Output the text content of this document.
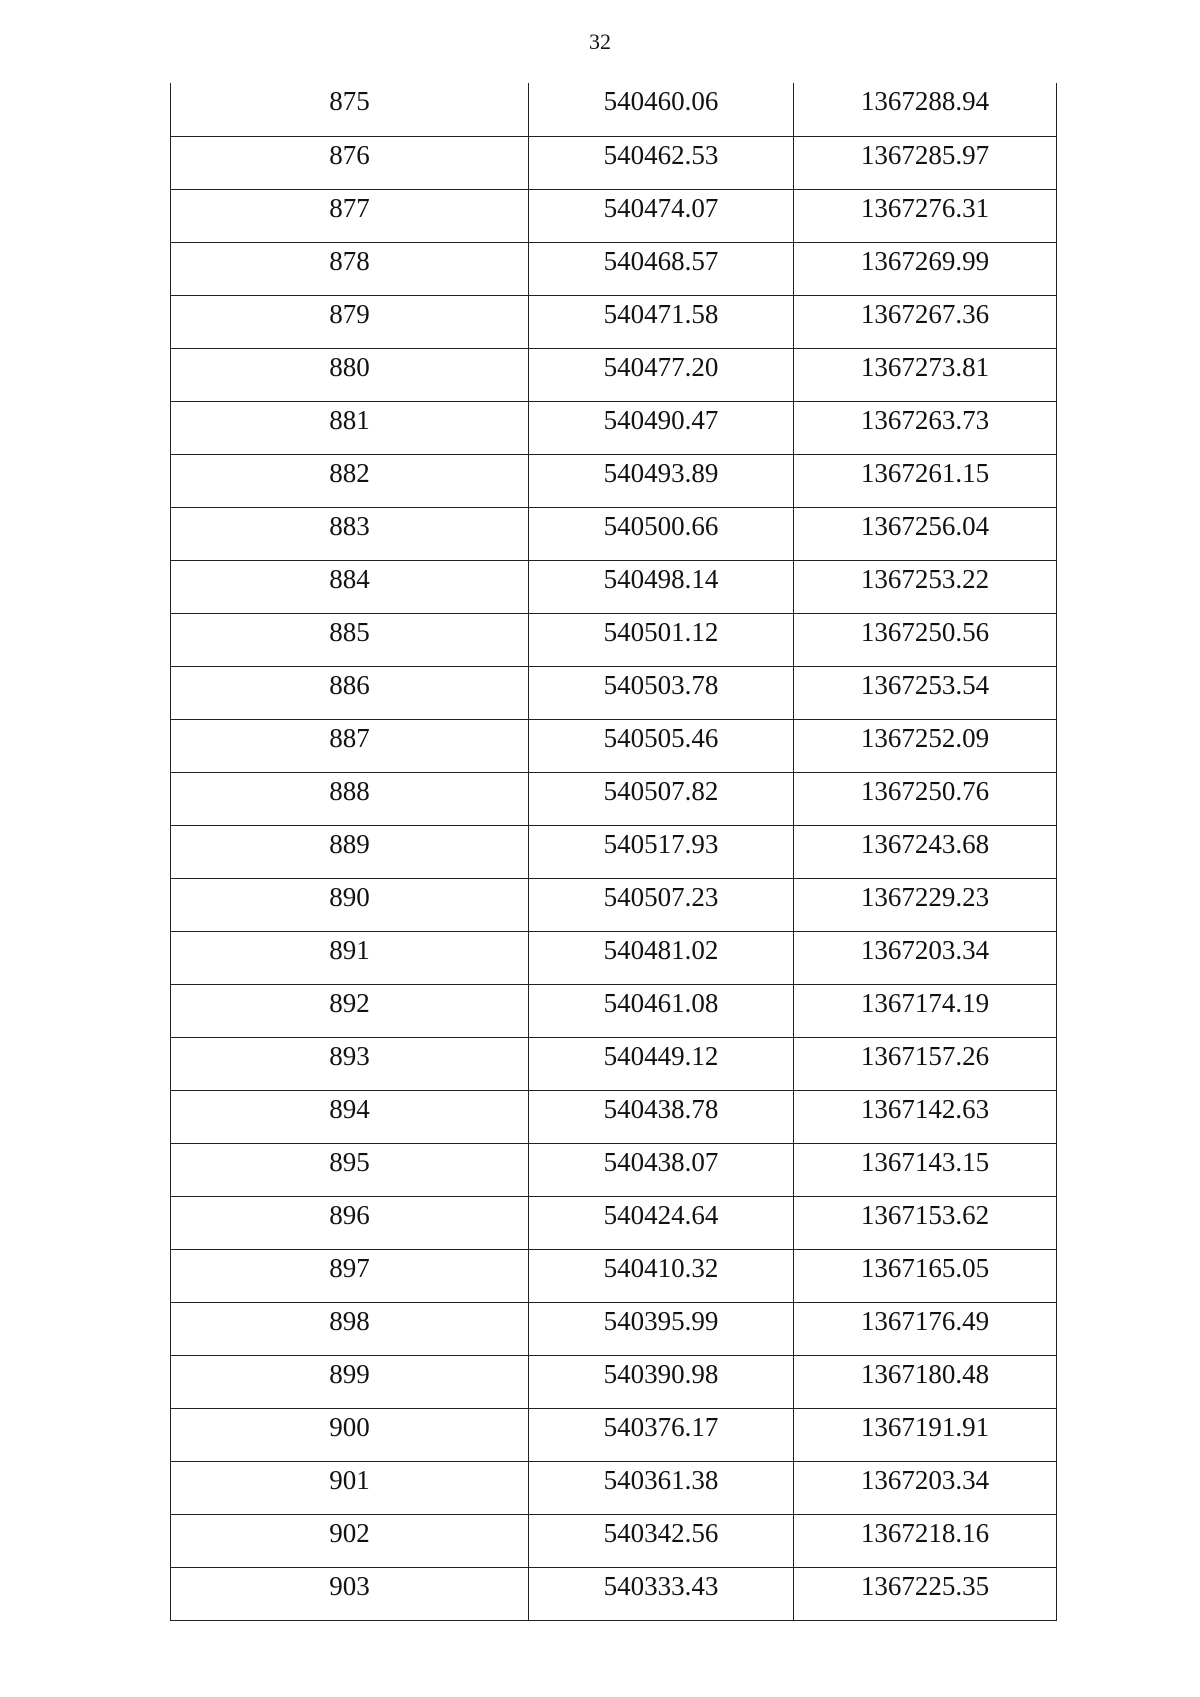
32
875	540460.06	1367288.94

876	540462.53	1367285.97

877	540474.07	1367276.31

878	540468.57	1367269.99

879	540471.58	1367267.36

880	540477.20	1367273.81

881	540490.47	1367263.73

882	540493.89	1367261.15

883	540500.66	1367256.04

884	540498.14	1367253.22

885	540501.12	1367250.56

886	540503.78	1367253.54

887	540505.46	1367252.09

888	540507.82	1367250.76

889	540517.93	1367243.68

890	540507.23	1367229.23

891	540481.02	1367203.34

892	540461.08	1367174.19

893	540449.12	1367157.26

894	540438.78	1367142.63

895	540438.07	1367143.15

896	540424.64	1367153.62

897	540410.32	1367165.05

898	540395.99	1367176.49

899	540390.98	1367180.48

900	540376.17	1367191.91

901	540361.38	1367203.34

902	540342.56	1367218.16

903	540333.43	1367225.35
